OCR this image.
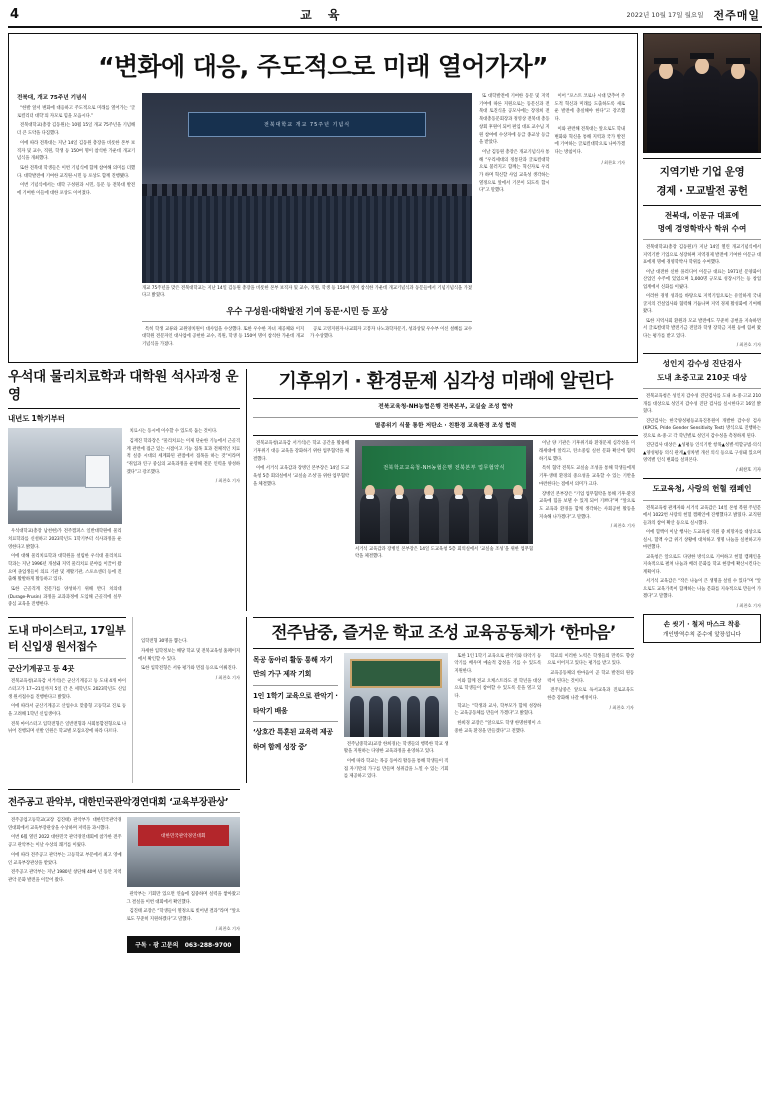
4	교 육	2022년 10월 17일 월요일 전주매일
“변화에 대응, 주도적으로 미래 열어가자”
전북대, 개교 75주년 기념식

“한발 앞서 변화에 대응하고 주도적으로 미래를 열어가는 ‘글로컬리더 대학’의 자모로 힘을 모읍시다.”

전북대학교(총장 김동원)는 10월 15일 개교 75주년을 기념해 더 큰 도약을 다짐했다.

이에 따라 전북대는 지난 14일 김동원 총장을 비롯한 본부 보직자 및 교수, 직원, 학생 등 150여 명이 참석한 가운데 개교기념식을 개최했다.

또한 전북대 학생들은 이번 기념식에 함께 참여해 의미를 더했다. 대학발전에 기여한 교직원·시민 등 포상도 함께 진행됐다.

이번 기념식에서는 대학 구성원과 시민, 동문 등 전북대 발전에 기여한 이들에 대한 포상도 이어졌다.

전북대학교 개교 75주년 기념식
개교 75주년을 맞은 전북대학교는 지난 14일 김동원 총장을 비롯한 본부 보직자 및 교수, 직원, 학생 등 150여 명이 참석한 가운데 개교기념식과 동문들에서 기념기념식을 가졌다고 밝혔다.
우수 구성원·대학발전 기여 동문·시민 등 포상

특히 학생 교류와 교원양치원이 대사업을 수상했다. 또한 우수한 자녀 제공체와 이지 대학원 전문자인 대사업에 공헌한 교수, 직원, 학생 등 150여 명이 참석한 가운데 개교기념식을 가졌다.

공로 고영지원자·나교회자 고봉자 나노과학자문기, 성과상및 우수부 이신 설혜를 교수가 수상했다.

또 대학발전에 기여한 동문 및 지역기여에 따른 지원으로는 동문신과 전북대 토진식을 공모사에는 장경희 전북대총동문회장과 정영상 전북대 총동창회 후원이 되어 편입 대표 교수님 지원 참여에 수상자에 등급 종교상 등급을 받았다.

이날 김동원 총장은 개교기념식사 통해 “우리세대의 정통단과 글로컬대학으로 불러지고 함께는 혁신자로 우리가 하며 혁신할 사업 교육성 생각하는 열정으로 앞에서 기본이 되도록 합시다”고 말했다.

이어 “포스트 코로나 시대 맞추어 주도적 혁신과 미래를 도출하도록 새로운 발전에 충실해야 한다”고 강조했다.

이와 관련해 전북대는 앞으로도 학내 변화와 혁신을 통해 지역과 국가 발전에 기여하는 글로컬대학으로 나아가겠다는 방침이다.

/ 최찬호 기자
우석대 물리치료학과 대학원 석사과정 운영
내년도 1학기부터

우석대학교(총장 남천현)가 전주캠퍼스 일반대학원에 물리치료학과를 신설하고 2023학년도 1학기부터 석사과정을 운영한다고 밝혔다.

이에 대해 물리치료학과 대학원을 설립한 우석대 물리치료학과는 지난 1996년 개설돼 지역 물리치료 분야를 이끌어 왔으며 졸업생들이 의료 기관 및 재활기관, 스포츠센터 등에 진출해 활발하게 활동하고 있다.

또한 근골격계 전문가를 양성하기 위해 반디 치의대(Durage-Prusin) 과정을 교과과정에 도입해 근골격에 실무 중심 교육을 진행한다.

치료시는 동시에 이수할 수 있도록 돕는 것이다.

김재진 학과장은 “물리치료는 이제 단순한 기능에서 근골격계 관련에 접근 있는 시점이고 기능 접목 효과 전체적인 치료적 실증 시대의 세계화된 관점에서 접목을 하는 것”이라며 “취업과 연구 중심의 교육과정을 운영해 전문 인력을 양성하겠다”고 강조했다.

/ 최찬호 기자
기후위기 · 환경문제 심각성 미래에 알린다
전북교육청-NH농협은행 전북본부, 교실숲 조성 협약
멸종위기 식물 통한 저탄소 · 친환경 교육환경 조성 협력

전북교육청(교육감 서거석)은 학교 공간을 활용해 기후위기 대응 교육을 강화하기 위한 업무협약을 체결했다.

이에 서거석 교육감과 장병인 본부장은 14일 도교육청 5층 회의실에서 ‘교실숲 조성’을 위한 업무협약을 체결했다.

전북학교교육청-NH농협은행 전북본부 업무협약식
서거석 교육감과 장병인 본부장은 14일 도교육청 5층 회의실에서 ‘교실숲 조성’을 위한 업무협약을 체결했다.

이날 양 기관은 기후위기와 환경문제 심각성을 미래세대에 알리고, 탄소중립 실천 문화 확산에 협력하기로 했다.

특히 협약 전북도 교실숲 조성을 통해 학생들에게 기후·생태 환경의 중요성을 교육할 수 있는 기반을 마련한다는 점에서 의미가 크다.

장병인 본부장은 “기업 업무협약을 통해 기후·환경 교육에 힘을 보탤 수 있게 되어 기쁘다”며 “앞으로도 교육과 환경을 함께 생각하는 사회공헌 활동을 지속해 나가겠다”고 말했다.

/ 최찬호 기자
도내 마이스터고, 17일부터 신입생 원서접수
군산기계공고 등 4곳

전북교육청(교육감 서거석)은 군산기계공고 등 도내 4개 마이스터고가 17∼21일까지 5일 간 온 세학년도 2023학년도 신입생 원서접수를 진행한다고 밝혔다.

이에 따라서 군산기계공고 산업수요 맞춤형 고등학교 진로 등을 고려해 1학년 신입생이다.

전북 마이스터고 입학전형은 일반전형과 사회통합전형으로 나뉘어 진행되며 선발 인원은 학교별 모집요강에 따라 다르다.

입학전형 30명을 뽑는다.

자세한 입학정보는 해당 학교 및 전북교육청 홈페이지에서 확인할 수 있다.

또한 입학전형은 서류 평가와 면접 등으로 이뤄진다.

/ 최찬호 기자
전주남중, 즐거운 학교 조성 교육공동체가 ‘한마음’
목공 동아리 활동 통해 자기만의 가구 제작 기회
1인 1학기 교육으로 관악기 · 타악기 배움
‘상호간 특훈된 교육력 제공하며 함께 성장 중’	전주남중학교(교장 한희경)는 학생들의 행복한 학교 생활을 지원하는 다양한 교육과정을 운영하고 있다.

이에 따라 학교는 목공 동아리 활동을 통해 학생들이 직접 자기만의 가구를 만들며 성취감을 느낄 수 있는 기회를 제공하고 있다.

또한 1인 1학기 교육으로 관악기와 타악기 등 악기를 배우며 예술적 감성을 기를 수 있도록 지원한다.

이와 함께 전교 오케스트라도 전 학년을 대상으로 학생들이 참여할 수 있도록 문을 열고 있다.

학교는 “학생과 교사, 학부모가 함께 성장하는 교육공동체를 만들어 가겠다”고 밝혔다.

한희경 교장은 “앞으로도 학생 한명한명이 소중한 교육 환경을 만들겠다”고 전했다.

학교의 이러한 노력은 학생들의 만족도 향상으로 이어지고 있다는 평가를 받고 있다.

교육공동체의 한마음이 곧 학교 발전의 원동력이 된다는 것이다.

전주남중은 앞으로 독서교육과 진로교육도 한층 강화해 나갈 예정이다.

/ 최찬호 기자
전주공고 관악부, 대한민국관악경연대회 ‘교육부장관상’

전주공업고등학교(교장 김진태) 관악부가 대한민국관악경연대회에서 교육부장관상을 수상하며 저력을 과시했다.

이번 6월 열린 2022 대한민국 관악경연대회에 참가한 전주공고 관악부는 이날 수상의 쾌거를 이뤘다.

이에 따라 전주공고 관악부는 고등학교 부문에서 최고 영예인 교육부장관상을 받았다.

전주공고 관악부는 지난 1980년 창단해 40여 년 동안 지역 관악 문화 발전을 이끌어 왔다.

대한민국관악경연대회

관악부는 기회만 있으면 연습에 집중하며 실력을 쌓아왔고 그 결실을 이번 대회에서 확인했다.

김진태 교장은 “학생들이 열정으로 빚어낸 결과”라며 “앞으로도 꾸준히 지원하겠다”고 말했다.

/ 최찬호 기자
구독 · 광 고문의 063-288-9700
지역기반 기업 운영
경제 · 모교발전 공헌
전북대, 이문규 대표에
명예 경영학박사 학위 수여

전북대학교(총장 김동원)가 지난 14일 열린 개교기념식에서 지역기반 기업으로 성장하며 지역경제 발전에 기여한 이문규 대표에게 명예 경영학박사 학위를 수여했다.

이날 대전한 신한 플러디어 이문규 대표는 1971년 문양화이 산업인 수주에 있었으며 1,000명 규모로 성장시키는 등 창업 업계에서 신화를 이뤘다.

이러한 경영 성과를 바탕으로 지역기업으로는 유일하게 국내 굴지의 건설업사와 협력해 거듭나며 지역 경제 활성화에 기여해왔다.

또한 지역사회 환원과 모교 발전에도 꾸준히 공헌을 지속하면서 글로컬대학 발전기금 전달과 학생 장학금 지원 등에 힘써 왔다는 평가를 받고 있다.

/ 최찬호 기자
성인지 감수성 진단검사
도내 초중고교 210곳 대상

전북교육청은 성인지 감수성 진단검사를 도내 초·중·고교 210개를 대상으로 성인지 감수성 진단 검사를 실시한다고 16일 밝혔다.

진단검사는 한국양성평등교육진흥원이 개발한 감수성 검사(KPCIS, Pride Gender Sensitivity Test) 방식으로 진행하는 것으로 초·중·고 각 학년별로 성인지 감수성을 측정하게 된다.

진단검사 대상은 ▲성평등 인식기반 항목▲성별·역할규범·의식▲양성평등 의식 관계▲성차별 개선 의식 등으로 구성돼 있으며 영역별 인식 변화를 살펴본다.

/ 최찬호 기자

도교육청, 사랑의 헌혈 캠페인

전북교육청 관계자와 서거석 교육감은 14일 본청 복원 주년문에서 1022번 사랑의 헌혈 캠페인에 진행했다고 밝혔다. 교직원들과의 참여 확산 등으로 실시했다.

이에 혈액이 이날 행사는 도교육청 직원 중 희망자를 대상으로 실시, 혈액 수급 위기 상황에 대처하고 생명 나눔을 실천하고자 마련했다.

교육청은 앞으로도 다양한 방식으로 기여하고 헌혈 캠페인을 지속적으로 펼쳐 나눔과 배려 문화를 학교 현장에 확산시킨다는 계획이다.

서거석 교육감은 “작은 나눔이 큰 생명을 살릴 수 있다”며 “앞으로도 교육가족이 함께하는 나눔 문화를 지속적으로 만들어 가겠다”고 말했다.

/ 최찬호 기자
손 씻기 · 철저 마스크 착용
개인방역수칙 준수에 앞장섭니다
